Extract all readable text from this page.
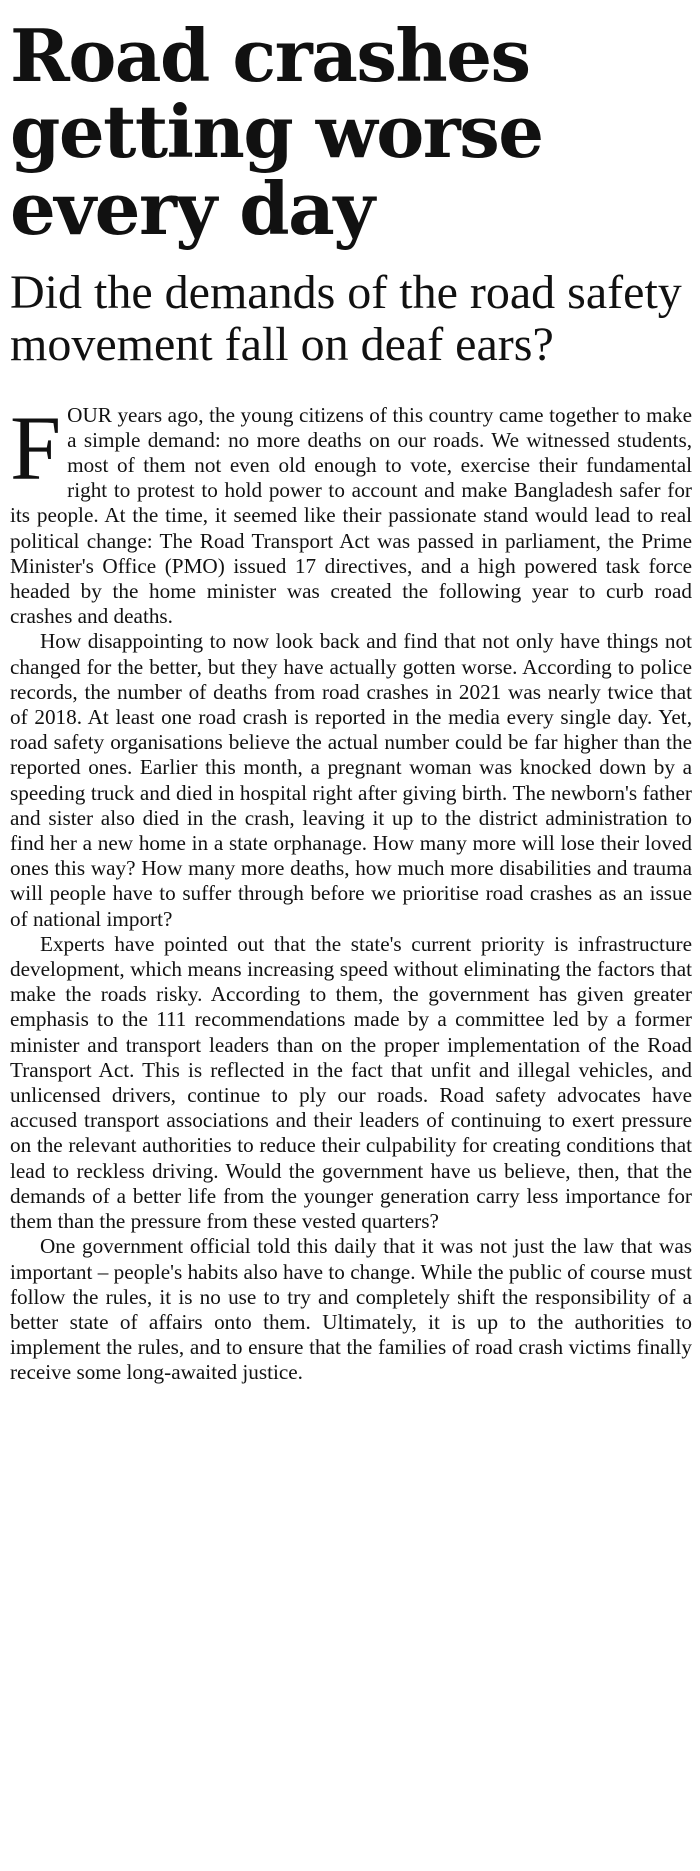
Road crashes getting worse every day
Did the demands of the road safety movement fall on deaf ears?

FOUR years ago, the young citizens of this country came together to make a simple demand: no more deaths on our roads. We witnessed students, most of them not even old enough to vote, exercise their fundamental right to protest to hold power to account and make Bangladesh safer for its people. At the time, it seemed like their passionate stand would lead to real political change: The Road Transport Act was passed in parliament, the Prime Minister's Office (PMO) issued 17 directives, and a high powered task force headed by the home minister was created the following year to curb road crashes and deaths.

How disappointing to now look back and find that not only have things not changed for the better, but they have actually gotten worse. According to police records, the number of deaths from road crashes in 2021 was nearly twice that of 2018. At least one road crash is reported in the media every single day. Yet, road safety organisations believe the actual number could be far higher than the reported ones. Earlier this month, a pregnant woman was knocked down by a speeding truck and died in hospital right after giving birth. The newborn's father and sister also died in the crash, leaving it up to the district administration to find her a new home in a state orphanage. How many more will lose their loved ones this way? How many more deaths, how much more disabilities and trauma will people have to suffer through before we prioritise road crashes as an issue of national import?

Experts have pointed out that the state's current priority is infrastructure development, which means increasing speed without eliminating the factors that make the roads risky. According to them, the government has given greater emphasis to the 111 recommendations made by a committee led by a former minister and transport leaders than on the proper implementation of the Road Transport Act. This is reflected in the fact that unfit and illegal vehicles, and unlicensed drivers, continue to ply our roads. Road safety advocates have accused transport associations and their leaders of continuing to exert pressure on the relevant authorities to reduce their culpability for creating conditions that lead to reckless driving. Would the government have us believe, then, that the demands of a better life from the younger generation carry less importance for them than the pressure from these vested quarters?

One government official told this daily that it was not just the law that was important – people's habits also have to change. While the public of course must follow the rules, it is no use to try and completely shift the responsibility of a better state of affairs onto them. Ultimately, it is up to the authorities to implement the rules, and to ensure that the families of road crash victims finally receive some long-awaited justice.
